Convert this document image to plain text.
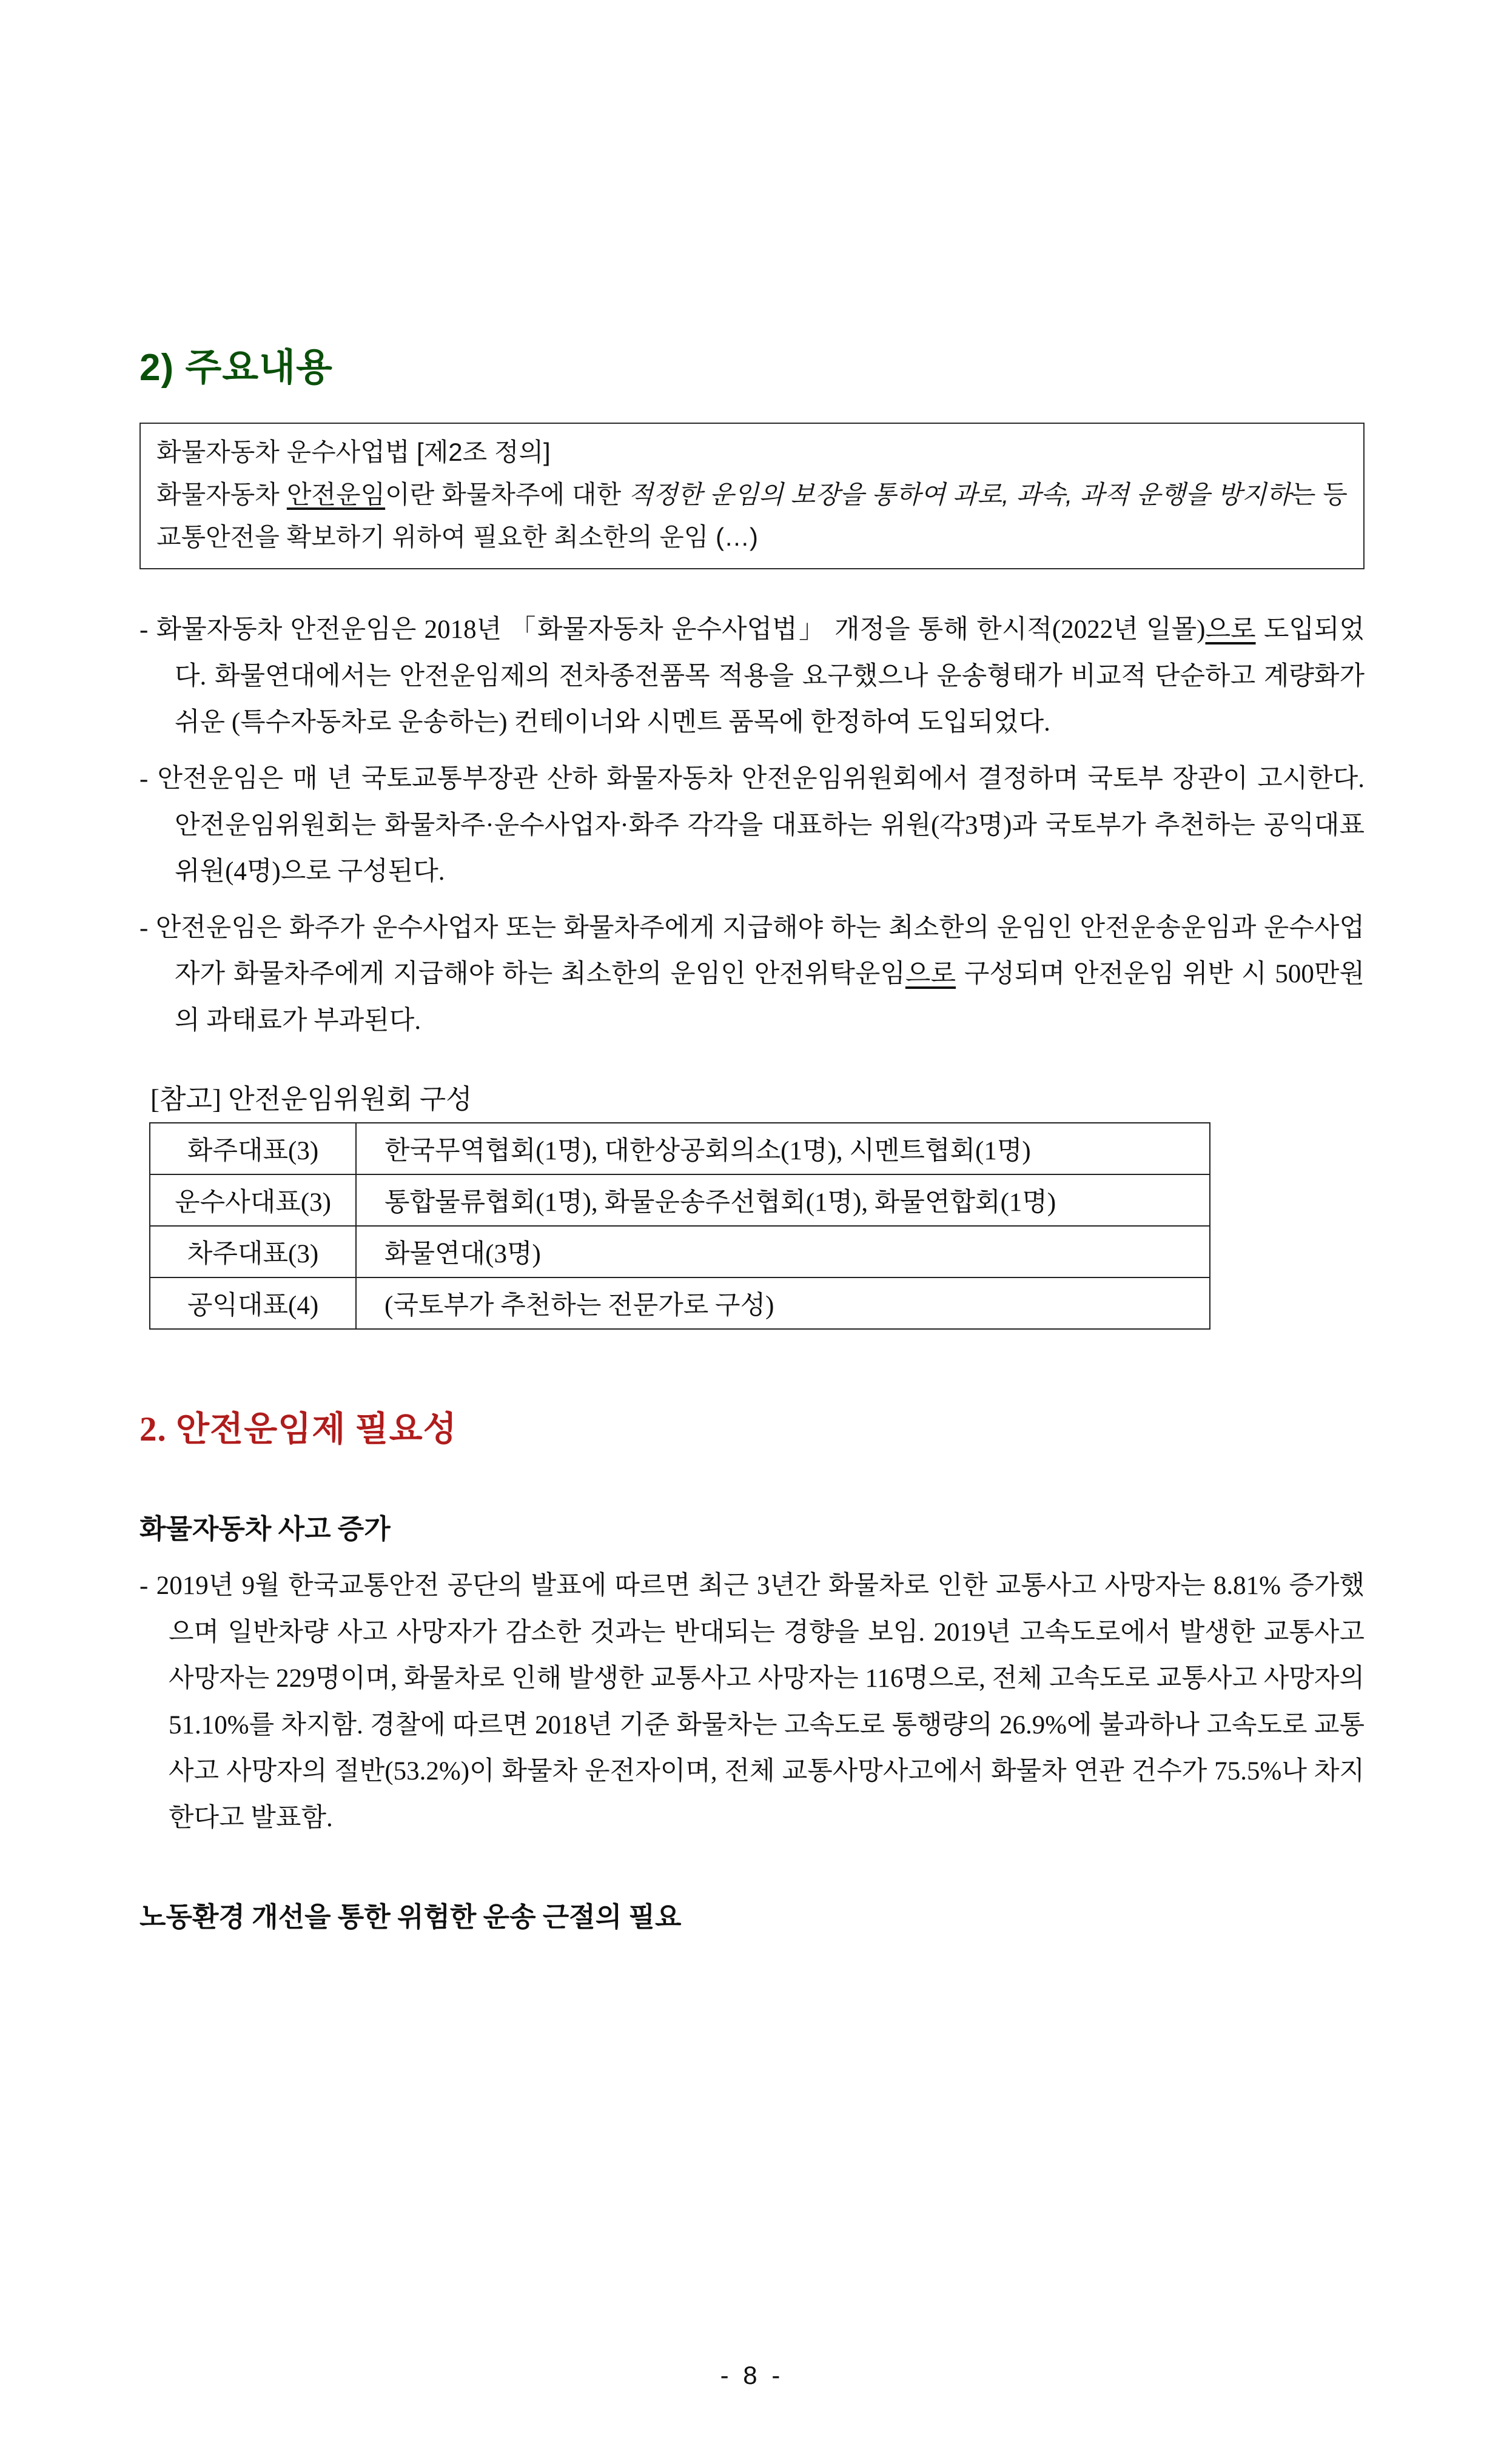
2) 주요내용
화물자동차 운수사업법 [제2조 정의]
화물자동차 안전운임이란 화물차주에 대한 적정한 운임의 보장을 통하여 과로, 과속, 과적 운행을 방지하는 등 교통안전을 확보하기 위하여 필요한 최소한의 운임 (…)

- 화물자동차 안전운임은 2018년 「화물자동차 운수사업법」 개정을 통해 한시적(2022년 일몰)으로 도입되었다. 화물연대에서는 안전운임제의 전차종전품목 적용을 요구했으나 운송형태가 비교적 단순하고 계량화가 쉬운 (특수자동차로 운송하는) 컨테이너와 시멘트 품목에 한정하여 도입되었다.

- 안전운임은 매 년 국토교통부장관 산하 화물자동차 안전운임위원회에서 결정하며 국토부 장관이 고시한다. 안전운임위원회는 화물차주·운수사업자·화주 각각을 대표하는 위원(각3명)과 국토부가 추천하는 공익대표위원(4명)으로 구성된다.

- 안전운임은 화주가 운수사업자 또는 화물차주에게 지급해야 하는 최소한의 운임인 안전운송운임과 운수사업자가 화물차주에게 지급해야 하는 최소한의 운임인 안전위탁운임으로 구성되며 안전운임 위반 시 500만원의 과태료가 부과된다.

[참고] 안전운임위원회 구성
화주대표(3)	한국무역협회(1명), 대한상공회의소(1명), 시멘트협회(1명)
운수사대표(3)	통합물류협회(1명), 화물운송주선협회(1명), 화물연합회(1명)
차주대표(3)	화물연대(3명)
공익대표(4)	(국토부가 추천하는 전문가로 구성)
2. 안전운임제 필요성
화물자동차 사고 증가

- 2019년 9월 한국교통안전 공단의 발표에 따르면 최근 3년간 화물차로 인한 교통사고 사망자는 8.81% 증가했으며 일반차량 사고 사망자가 감소한 것과는 반대되는 경향을 보임. 2019년 고속도로에서 발생한 교통사고 사망자는 229명이며, 화물차로 인해 발생한 교통사고 사망자는 116명으로, 전체 고속도로 교통사고 사망자의 51.10%를 차지함. 경찰에 따르면 2018년 기준 화물차는 고속도로 통행량의 26.9%에 불과하나 고속도로 교통사고 사망자의 절반(53.2%)이 화물차 운전자이며, 전체 교통사망사고에서 화물차 연관 건수가 75.5%나 차지한다고 발표함.

노동환경 개선을 통한 위험한 운송 근절의 필요
- 8 -
